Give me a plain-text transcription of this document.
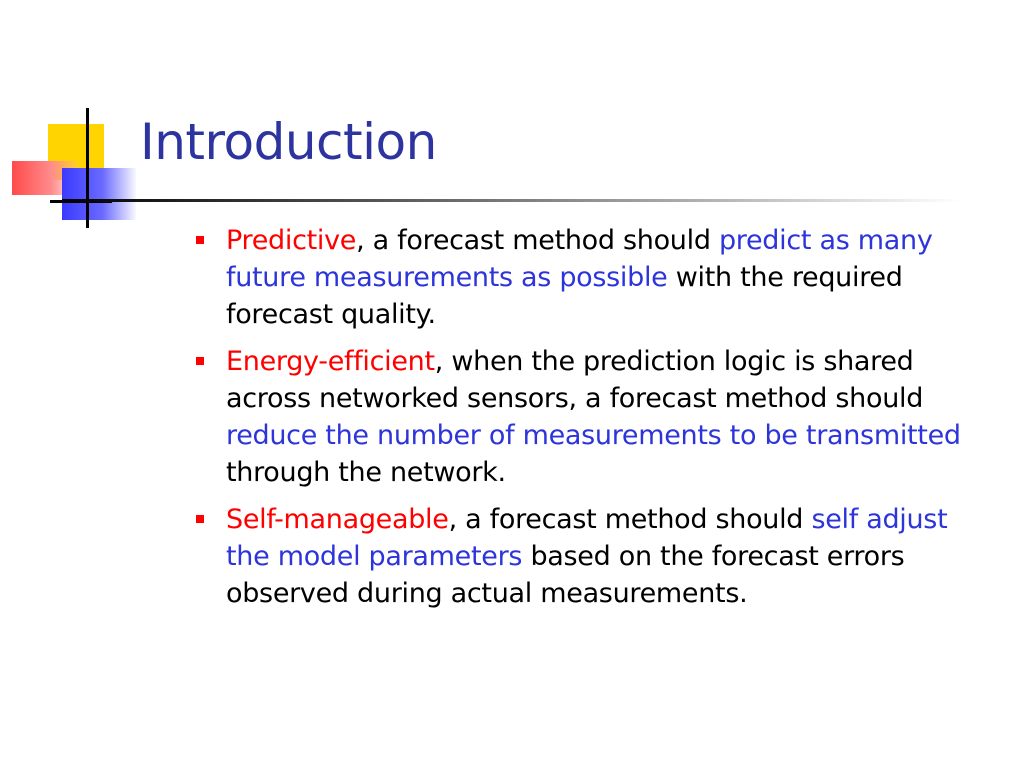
Introduction
Predictive, a forecast method should predict as many future measurements as possible with the required forecast quality.
Energy-efficient, when the prediction logic is shared across networked sensors, a forecast method should reduce the number of measurements to be transmitted through the network.
Self-manageable, a forecast method should self adjust the model parameters based on the forecast errors observed during actual measurements.
